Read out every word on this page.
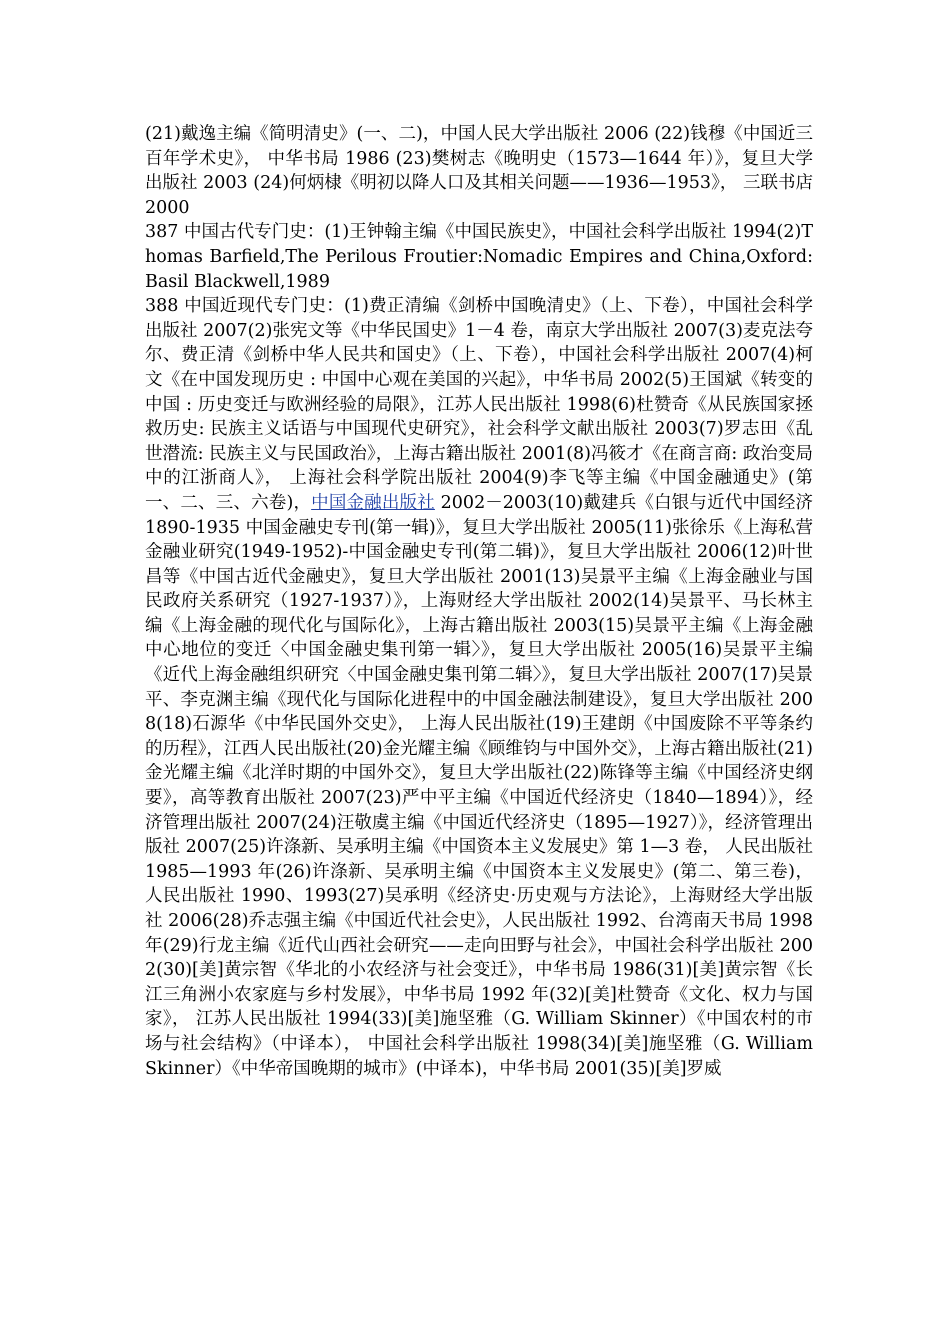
(21)戴逸主编《简明清史》(一、二)，中国人民大学出版社 2006 (22)钱穆《中国近三百年学术史》， 中华书局 1986 (23)樊树志《晚明史（1573—1644 年）》，复旦大学出版社 2003 (24)何炳棣《明初以降人口及其相关问题——1936—1953》， 三联书店 2000

387 中国古代专门史：(1)王钟翰主编《中国民族史》，中国社会科学出版社 1994(2)Thomas Barfield,The Perilous Froutier:Nomadic Empires and China,Oxford:Basil Blackwell,1989

388 中国近现代专门史：(1)费正清编《剑桥中国晚清史》（上、下卷），中国社会科学出版社 2007(2)张宪文等《中华民国史》1－4 卷，南京大学出版社 2007(3)麦克法夸尔、费正清《剑桥中华人民共和国史》（上、下卷），中国社会科学出版社 2007(4)柯文《在中国发现历史 : 中国中心观在美国的兴起》，中华书局 2002(5)王国斌《转变的中国 : 历史变迁与欧洲经验的局限》，江苏人民出版社 1998(6)杜赞奇《从民族国家拯救历史: 民族主义话语与中国现代史研究》，社会科学文献出版社 2003(7)罗志田《乱世潜流: 民族主义与民国政治》，上海古籍出版社 2001(8)冯筱才《在商言商: 政治变局中的江浙商人》， 上海社会科学院出版社 2004(9)李飞等主编《中国金融通史》(第一、二、三、六卷)，中国金融出版社 2002－2003(10)戴建兵《白银与近代中国经济 1890-1935 中国金融史专刊(第一辑)》，复旦大学出版社 2005(11)张徐乐《上海私营金融业研究(1949-1952)-中国金融史专刊(第二辑)》，复旦大学出版社 2006(12)叶世昌等《中国古近代金融史》，复旦大学出版社 2001(13)吴景平主编《上海金融业与国民政府关系研究（1927-1937）》，上海财经大学出版社 2002(14)吴景平、马长林主编《上海金融的现代化与国际化》，上海古籍出版社 2003(15)吴景平主编《上海金融中心地位的变迁〈中国金融史集刊第一辑〉》，复旦大学出版社 2005(16)吴景平主编《近代上海金融组织研究〈中国金融史集刊第二辑〉》，复旦大学出版社 2007(17)吴景平、李克渊主编《现代化与国际化进程中的中国金融法制建设》，复旦大学出版社 2008(18)石源华《中华民国外交史》， 上海人民出版社(19)王建朗《中国废除不平等条约的历程》，江西人民出版社(20)金光耀主编《顾维钧与中国外交》，上海古籍出版社(21)金光耀主编《北洋时期的中国外交》，复旦大学出版社(22)陈锋等主编《中国经济史纲要》，高等教育出版社 2007(23)严中平主编《中国近代经济史（1840—1894）》，经济管理出版社 2007(24)汪敬虞主编《中国近代经济史（1895—1927）》，经济管理出版社 2007(25)许涤新、吴承明主编《中国资本主义发展史》第 1—3 卷， 人民出版社 1985—1993 年(26)许涤新、吴承明主编《中国资本主义发展史》(第二、第三卷)，人民出版社 1990、1993(27)吴承明《经济史·历史观与方法论》，上海财经大学出版社 2006(28)乔志强主编《中国近代社会史》，人民出版社 1992、台湾南天书局 1998 年(29)行龙主编《近代山西社会研究——走向田野与社会》，中国社会科学出版社 2002(30)[美]黄宗智《华北的小农经济与社会变迁》，中华书局 1986(31)[美]黄宗智《长江三角洲小农家庭与乡村发展》，中华书局 1992 年(32)[美]杜赞奇《文化、权力与国家》， 江苏人民出版社 1994(33)[美]施坚雅（G. William Skinner）《中国农村的市场与社会结构》（中译本）， 中国社会科学出版社 1998(34)[美]施坚雅（G. William Skinner）《中华帝国晚期的城市》(中译本)，中华书局 2001(35)[美]罗威
